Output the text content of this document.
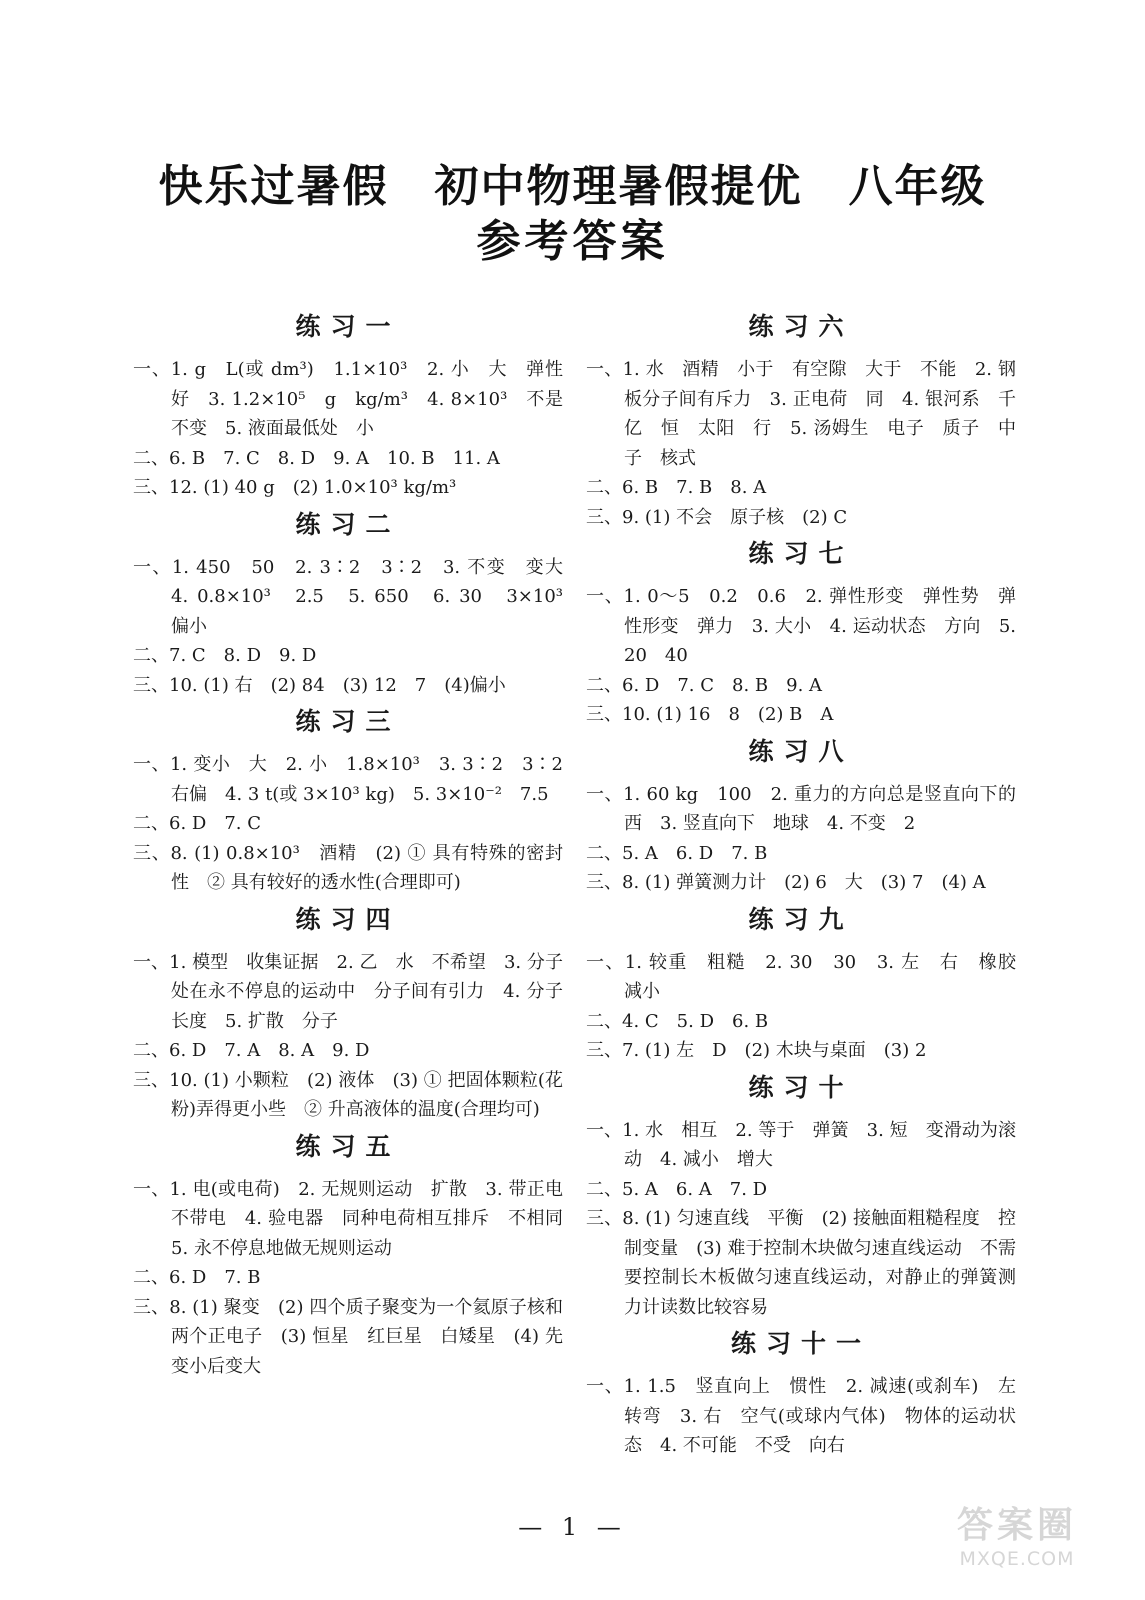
快乐过暑假　初中物理暑假提优　八年级
参考答案
练习一
一、1. g　L(或 dm³)　1.1×10³　2. 小　大　弹性好　3. 1.2×10⁵　g　kg/m³　4. 8×10³　不是　不变　5. 液面最低处　小
二、6. B　7. C　8. D　9. A　10. B　11. A
三、12. (1) 40 g　(2) 1.0×10³ kg/m³
练习二
一、1. 450　50　2. 3∶2　3∶2　3. 不变　变大　4. 0.8×10³　2.5　5. 650　6. 30　3×10³　偏小
二、7. C　8. D　9. D
三、10. (1) 右　(2) 84　(3) 12　7　(4)偏小
练习三
一、1. 变小　大　2. 小　1.8×10³　3. 3∶2　3∶2　右偏　4. 3 t(或 3×10³ kg)　5. 3×10⁻²　7.5
二、6. D　7. C
三、8. (1) 0.8×10³　酒精　(2) ① 具有特殊的密封性　② 具有较好的透水性(合理即可)
练习四
一、1. 模型　收集证据　2. 乙　水　不希望　3. 分子处在永不停息的运动中　分子间有引力　4. 分子　长度　5. 扩散　分子
二、6. D　7. A　8. A　9. D
三、10. (1) 小颗粒　(2) 液体　(3) ① 把固体颗粒(花粉)弄得更小些　② 升高液体的温度(合理均可)
练习五
一、1. 电(或电荷)　2. 无规则运动　扩散　3. 带正电　不带电　4. 验电器　同种电荷相互排斥　不相同　5. 永不停息地做无规则运动
二、6. D　7. B
三、8. (1) 聚变　(2) 四个质子聚变为一个氦原子核和两个正电子　(3) 恒星　红巨星　白矮星　(4) 先变小后变大
练习六
一、1. 水　酒精　小于　有空隙　大于　不能　2. 钢板分子间有斥力　3. 正电荷　同　4. 银河系　千亿　恒　太阳　行　5. 汤姆生　电子　质子　中子　核式
二、6. B　7. B　8. A
三、9. (1) 不会　原子核　(2) C
练习七
一、1. 0～5　0.2　0.6　2. 弹性形变　弹性势　弹性形变　弹力　3. 大小　4. 运动状态　方向　5. 20　40
二、6. D　7. C　8. B　9. A
三、10. (1) 16　8　(2) B　A
练习八
一、1. 60 kg　100　2. 重力的方向总是竖直向下的　西　3. 竖直向下　地球　4. 不变　2
二、5. A　6. D　7. B
三、8. (1) 弹簧测力计　(2) 6　大　(3) 7　(4) A
练习九
一、1. 较重　粗糙　2. 30　30　3. 左　右　橡胶　减小
二、4. C　5. D　6. B
三、7. (1) 左　D　(2) 木块与桌面　(3) 2
练习十
一、1. 水　相互　2. 等于　弹簧　3. 短　变滑动为滚动　4. 减小　增大
二、5. A　6. A　7. D
三、8. (1) 匀速直线　平衡　(2) 接触面粗糙程度　控制变量　(3) 难于控制木块做匀速直线运动　不需要控制长木板做匀速直线运动，对静止的弹簧测力计读数比较容易
练习十一
一、1. 1.5　竖直向上　惯性　2. 减速(或刹车)　左转弯　3. 右　空气(或球内气体)　物体的运动状态　4. 不可能　不受　向右
— 1 —	答案圈
MXQE.COM
